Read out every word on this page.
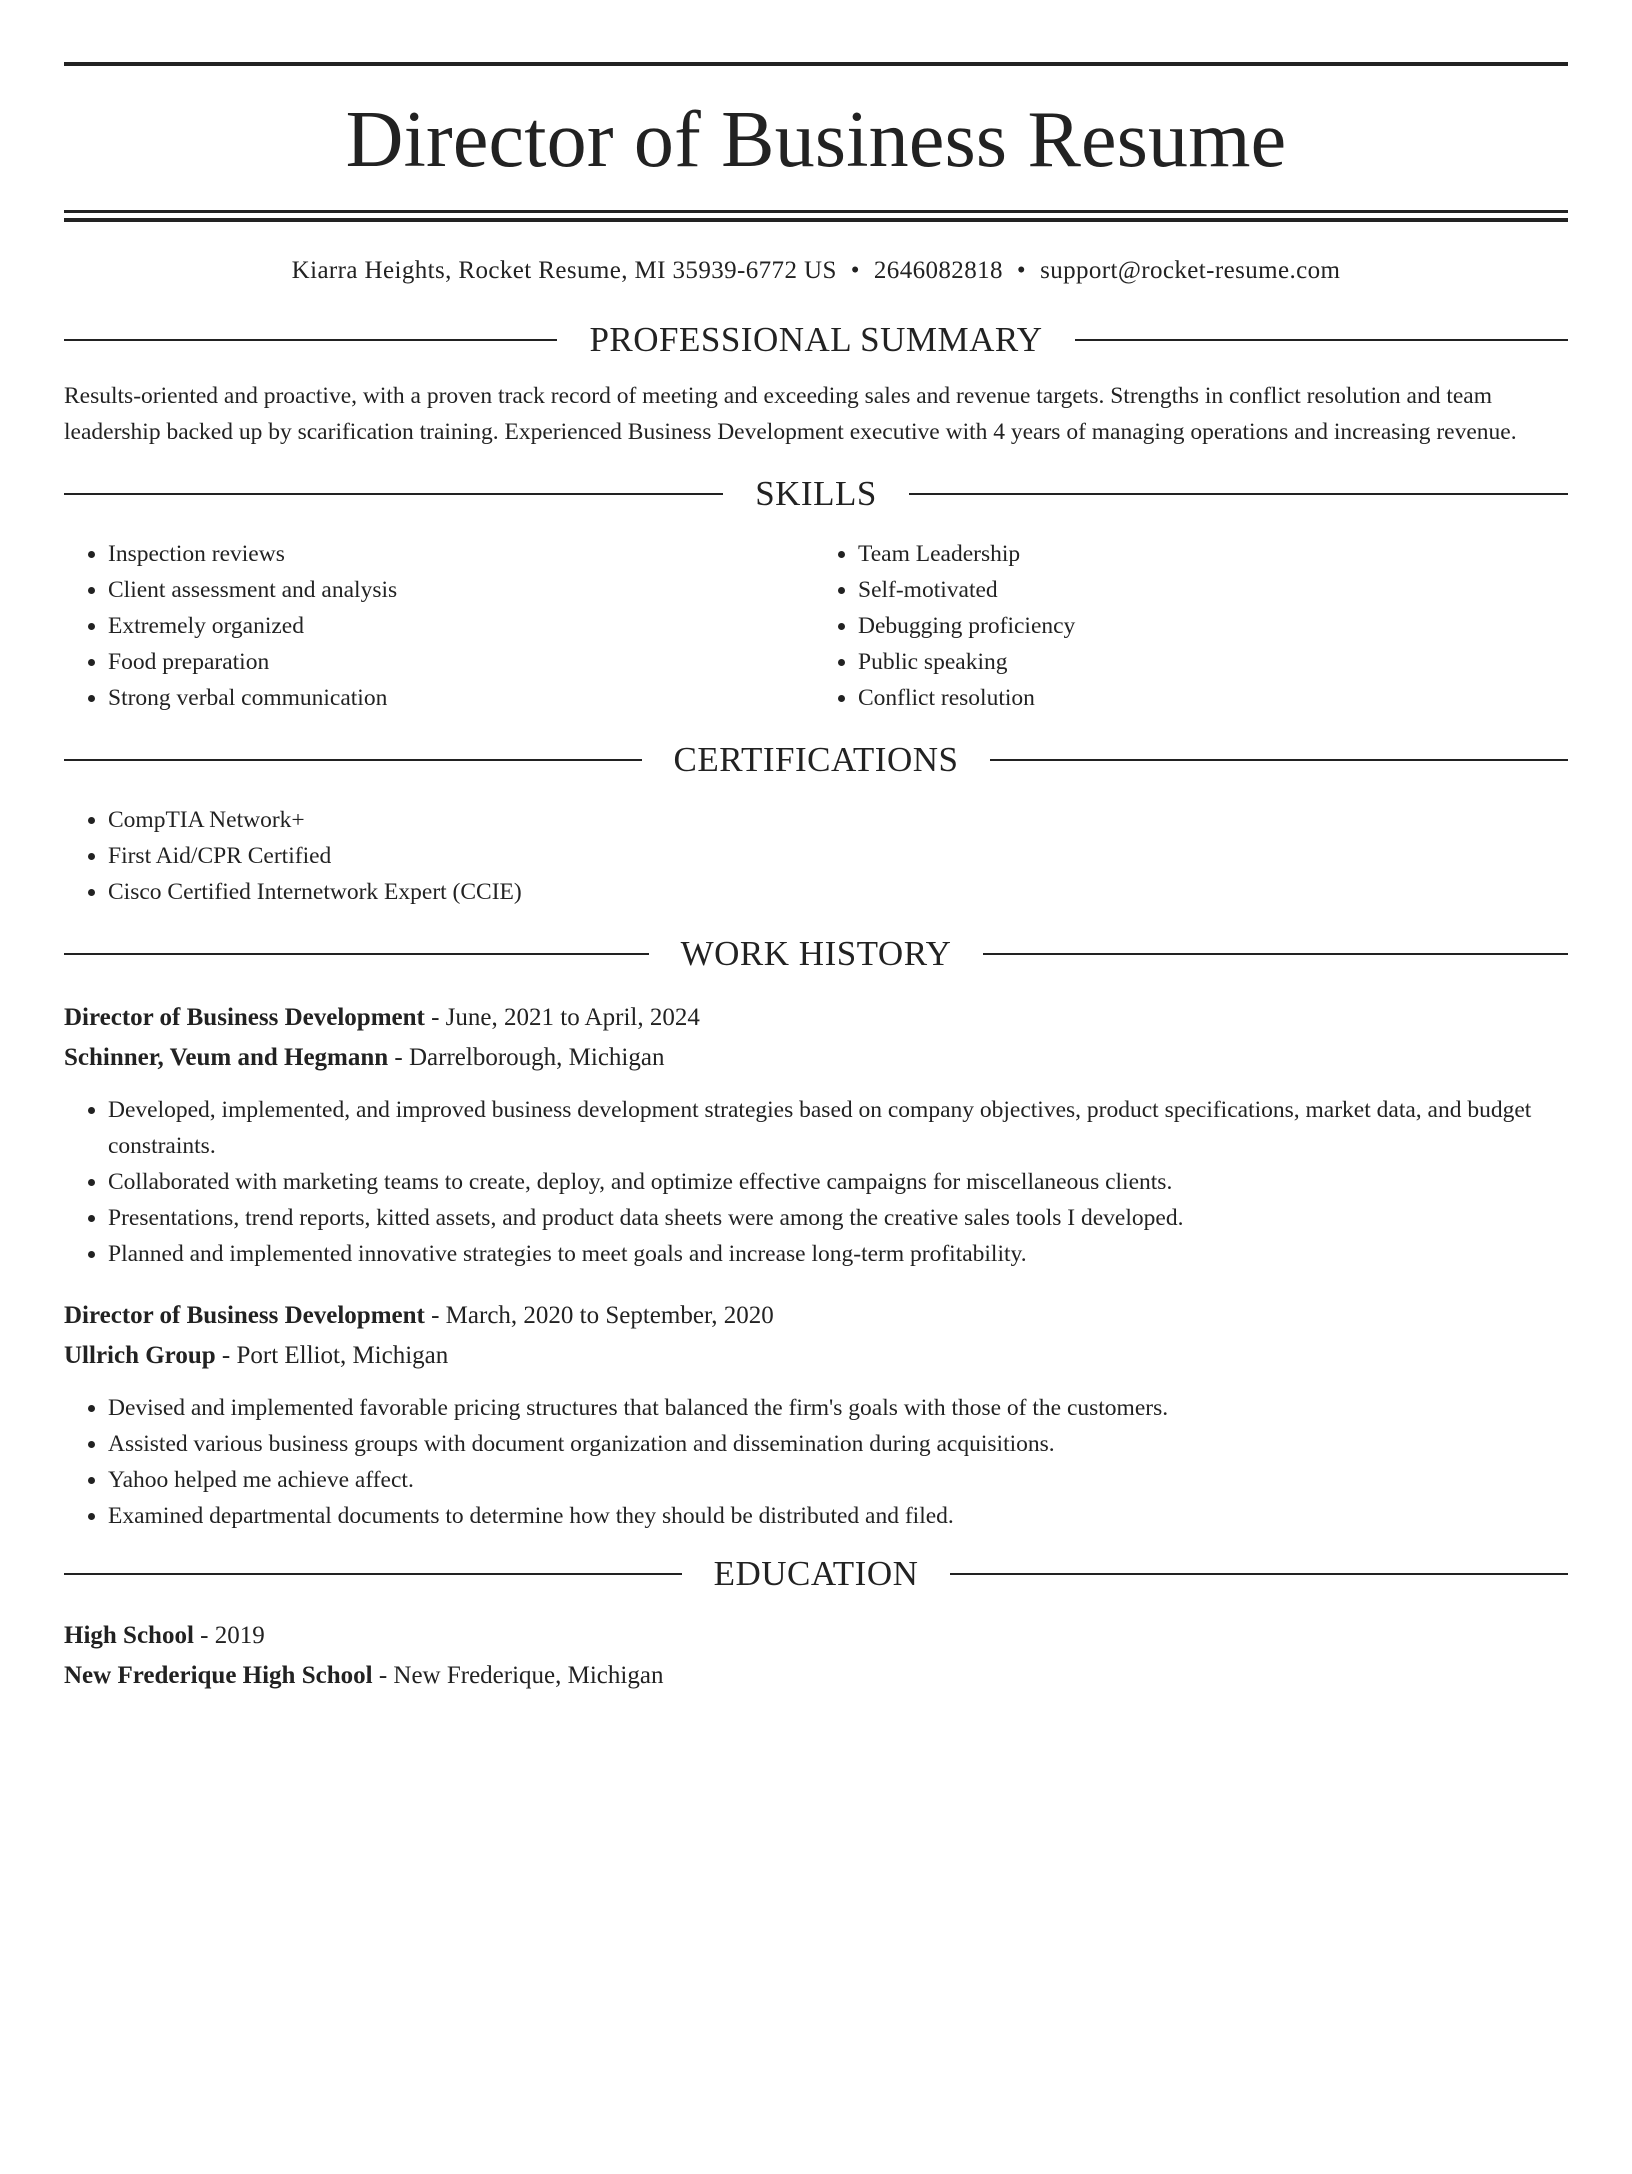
Director of Business Resume
Kiarra Heights, Rocket Resume, MI 35939-6772 US • 2646082818 • support@rocket-resume.com
PROFESSIONAL SUMMARY

Results-oriented and proactive, with a proven track record of meeting and exceeding sales and revenue targets. Strengths in conflict resolution and team leadership backed up by scarification training. Experienced Business Development executive with 4 years of managing operations and increasing revenue.

SKILLS
• Inspection reviews
• Client assessment and analysis
• Extremely organized
• Food preparation
• Strong verbal communication
• Team Leadership
• Self-motivated
• Debugging proficiency
• Public speaking
• Conflict resolution
CERTIFICATIONS
• CompTIA Network+
• First Aid/CPR Certified
• Cisco Certified Internetwork Expert (CCIE)
WORK HISTORY
Director of Business Development - June, 2021 to April, 2024
Schinner, Veum and Hegmann - Darrelborough, Michigan
• Developed, implemented, and improved business development strategies based on company objectives, product specifications, market data, and budget constraints.
• Collaborated with marketing teams to create, deploy, and optimize effective campaigns for miscellaneous clients.
• Presentations, trend reports, kitted assets, and product data sheets were among the creative sales tools I developed.
• Planned and implemented innovative strategies to meet goals and increase long-term profitability.
Director of Business Development - March, 2020 to September, 2020
Ullrich Group - Port Elliot, Michigan
• Devised and implemented favorable pricing structures that balanced the firm's goals with those of the customers.
• Assisted various business groups with document organization and dissemination during acquisitions.
• Yahoo helped me achieve affect.
• Examined departmental documents to determine how they should be distributed and filed.
EDUCATION
High School - 2019
New Frederique High School - New Frederique, Michigan
